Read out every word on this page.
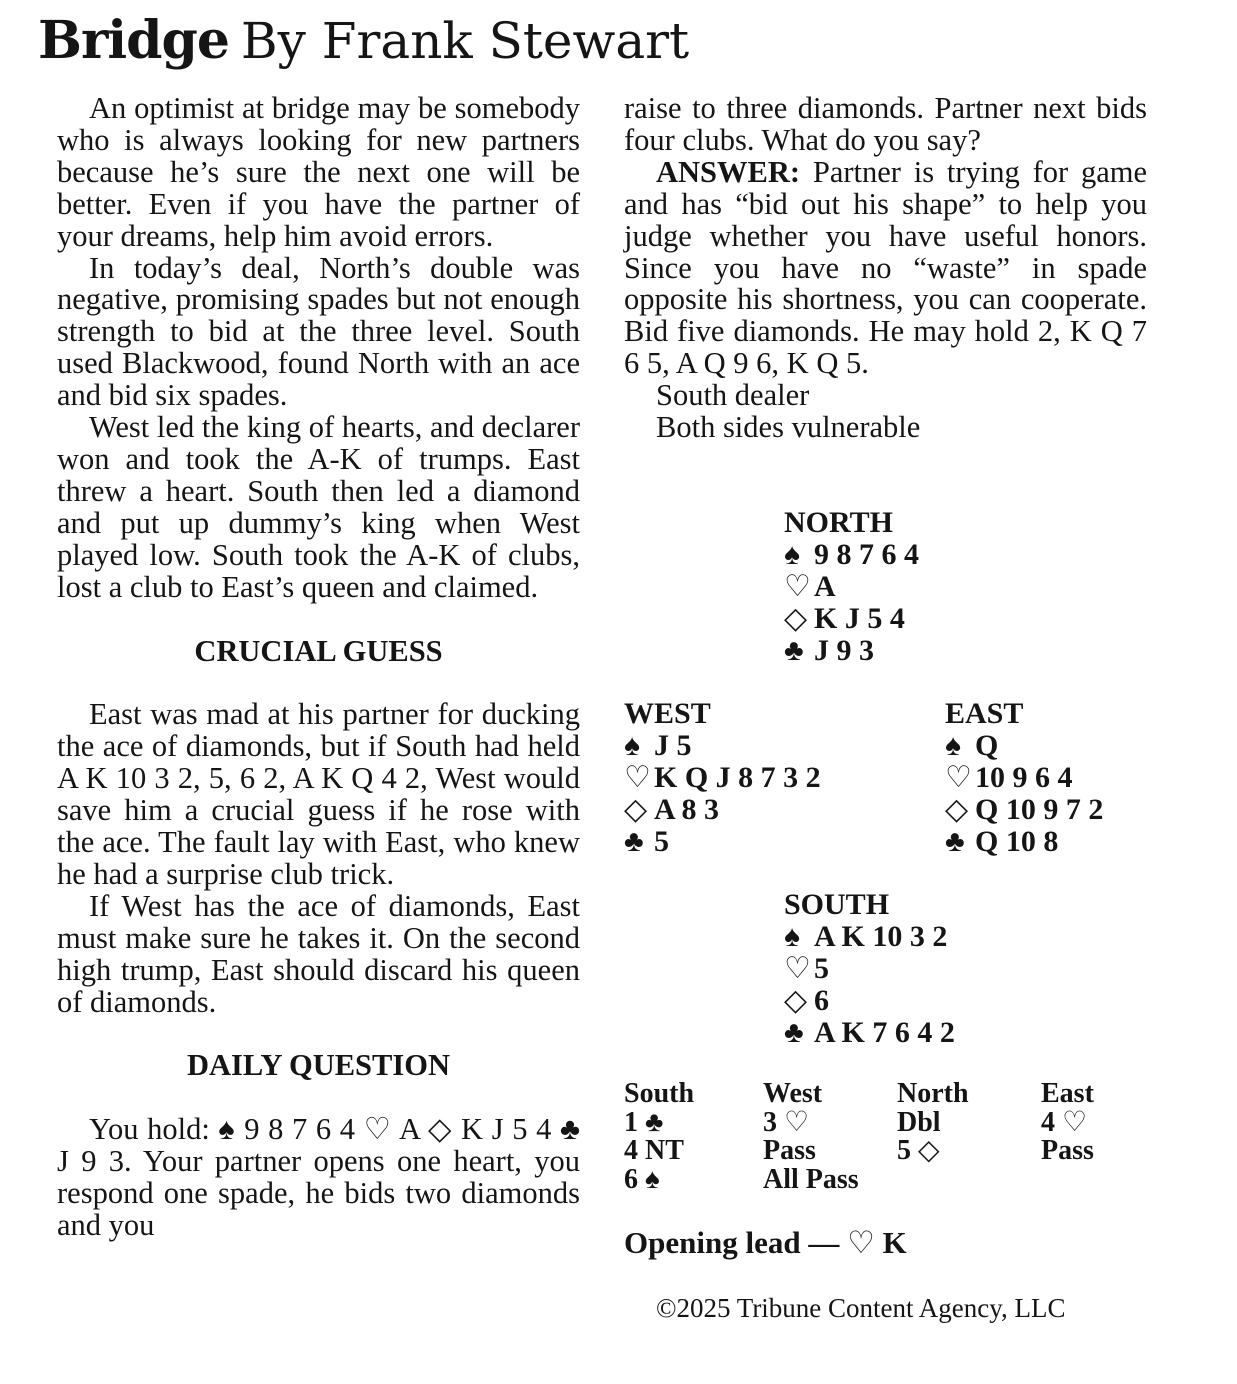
Bridge By Frank Stewart

An optimist at bridge may be somebody who is always looking for new partners because he’s sure the next one will be better. Even if you have the partner of your dreams, help him avoid errors.

In today’s deal, North’s double was negative, promising spades but not enough strength to bid at the three level. South used Blackwood, found North with an ace and bid six spades.

West led the king of hearts, and declarer won and took the A-K of trumps. East threw a heart. South then led a diamond and put up dummy’s king when West played low. South took the A-K of clubs, lost a club to East’s queen and claimed.

CRUCIAL GUESS

East was mad at his partner for ducking the ace of diamonds, but if South had held A K 10 3 2, 5, 6 2, A K Q 4 2, West would save him a crucial guess if he rose with the ace. The fault lay with East, who knew he had a surprise club trick.

If West has the ace of diamonds, East must make sure he takes it. On the second high trump, East should discard his queen of diamonds.

DAILY QUESTION

You hold: ♠ 9 8 7 6 4 ♡ A ◇ K J 5 4 ♣ J 9 3. Your partner opens one heart, you respond one spade, he bids two diamonds and you

raise to three diamonds. Partner next bids four clubs. What do you say?

ANSWER: Partner is trying for game and has “bid out his shape” to help you judge whether you have useful honors. Since you have no “waste” in spade opposite his shortness, you can cooperate. Bid five diamonds. He may hold 2, K Q 7 6 5, A Q 9 6, K Q 5.

South dealer
Both sides vulnerable
NORTH
♠ 9 8 7 6 4
♡ A
◇ K J 5 4
♣ J 9 3
WEST
♠ J 5
♡ K Q J 8 7 3 2
◇ A 8 3
♣ 5
EAST
♠ Q
♡ 10 9 6 4
◇ Q 10 9 7 2
♣ Q 10 8
SOUTH
♠ A K 10 3 2
♡ 5
◇ 6
♣ A K 7 6 4 2
South	West	North	East
1 ♣	3 ♡	Dbl	4 ♡
4 NT	Pass	5 ◇	Pass
6 ♠	All Pass
Opening lead — ♡ K
©2025 Tribune Content Agency, LLC
